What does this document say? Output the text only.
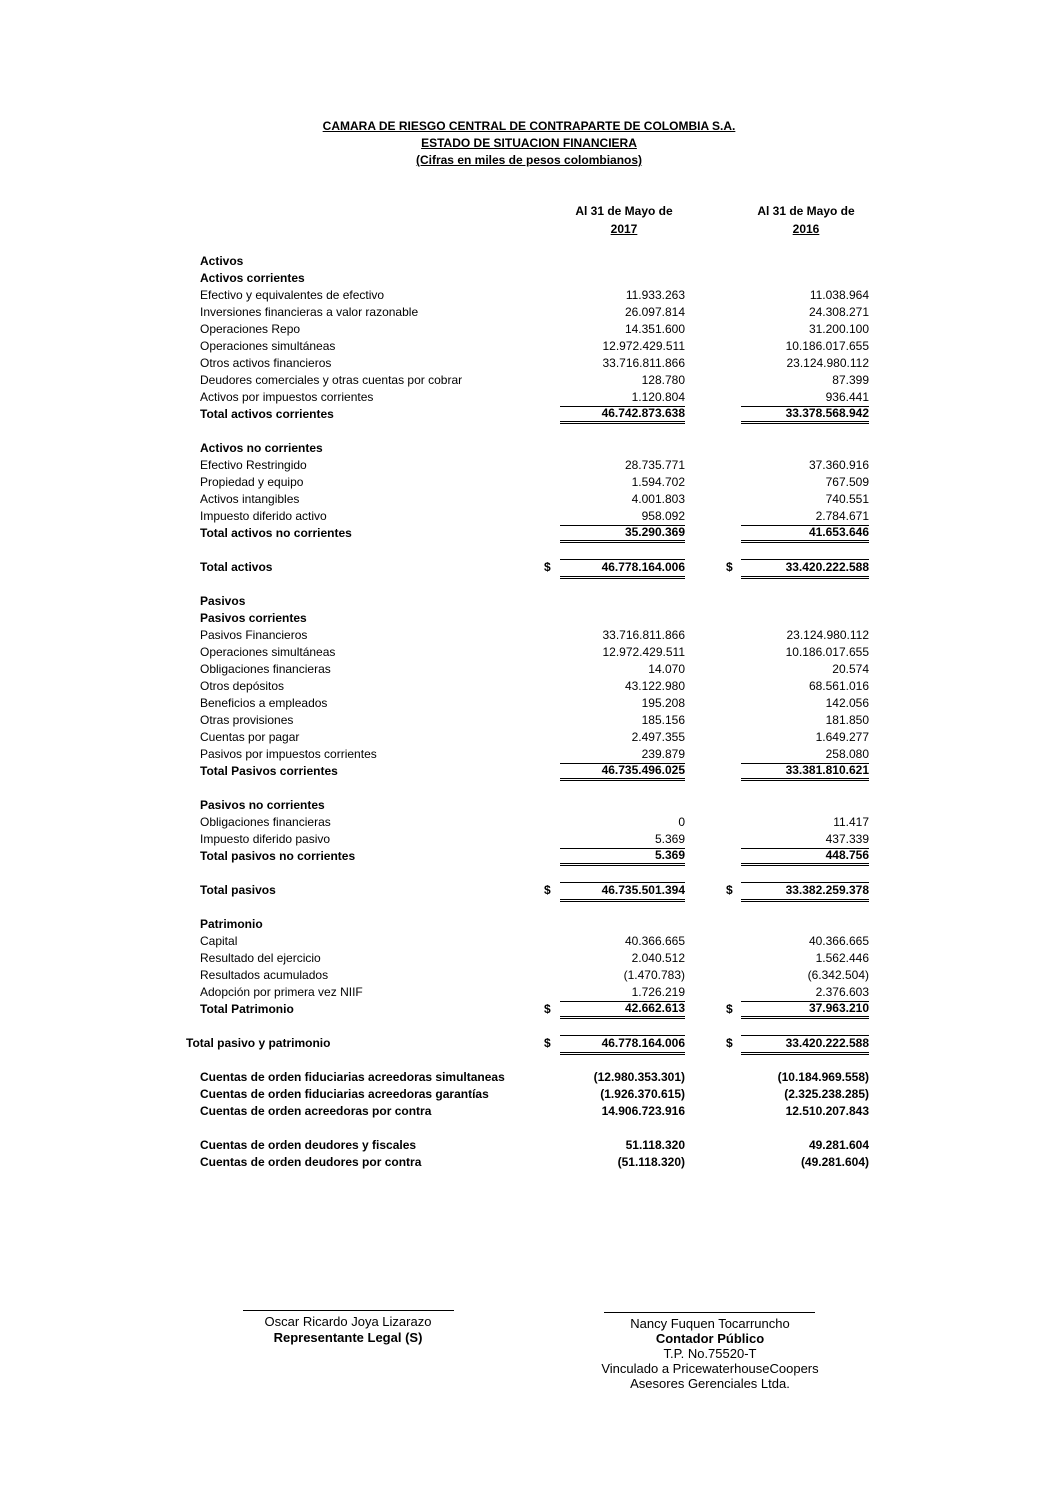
CAMARA DE RIESGO CENTRAL DE CONTRAPARTE DE COLOMBIA S.A.
ESTADO DE SITUACION FINANCIERA
(Cifras en miles de pesos colombianos)
Al 31 de Mayo de
2017
Al 31 de Mayo de
2016
Activos
Activos corrientes
Efectivo y equivalentes de efectivo	11.933.263	11.038.964
Inversiones financieras a valor razonable	26.097.814	24.308.271
Operaciones Repo	14.351.600	31.200.100
Operaciones simultáneas	12.972.429.511	10.186.017.655
Otros activos financieros	33.716.811.866	23.124.980.112
Deudores comerciales y otras cuentas por cobrar	128.780	87.399
Activos por impuestos corrientes	1.120.804	936.441
Total activos corrientes	46.742.873.638	33.378.568.942
Activos no corrientes
Efectivo Restringido	28.735.771	37.360.916
Propiedad y equipo	1.594.702	767.509
Activos intangibles	4.001.803	740.551
Impuesto diferido activo	958.092	2.784.671
Total activos no corrientes	35.290.369	41.653.646
Total activos	$	46.778.164.006	$	33.420.222.588
Pasivos
Pasivos corrientes
Pasivos Financieros	33.716.811.866	23.124.980.112
Operaciones simultáneas	12.972.429.511	10.186.017.655
Obligaciones financieras	14.070	20.574
Otros depósitos	43.122.980	68.561.016
Beneficios a empleados	195.208	142.056
Otras provisiones	185.156	181.850
Cuentas por pagar	2.497.355	1.649.277
Pasivos por impuestos corrientes	239.879	258.080
Total Pasivos corrientes	46.735.496.025	33.381.810.621
Pasivos no corrientes
Obligaciones financieras	0	11.417
Impuesto diferido pasivo	5.369	437.339
Total pasivos no corrientes	5.369	448.756
Total pasivos	$	46.735.501.394	$	33.382.259.378
Patrimonio
Capital	40.366.665	40.366.665
Resultado del ejercicio	2.040.512	1.562.446
Resultados acumulados	(1.470.783)	(6.342.504)
Adopción por primera vez NIIF	1.726.219	2.376.603
Total Patrimonio	$	42.662.613	$	37.963.210
Total pasivo y patrimonio	$	46.778.164.006	$	33.420.222.588
Cuentas de orden fiduciarias acreedoras simultaneas	(12.980.353.301)	(10.184.969.558)
Cuentas de orden fiduciarias acreedoras garantías	(1.926.370.615)	(2.325.238.285)
Cuentas de orden acreedoras por contra	14.906.723.916	12.510.207.843
Cuentas de orden deudores y fiscales	51.118.320	49.281.604
Cuentas de orden deudores por contra	(51.118.320)	(49.281.604)
Oscar Ricardo Joya Lizarazo
Representante Legal (S)
Nancy Fuquen Tocarruncho
Contador Público
T.P. No.75520-T
Vinculado a PricewaterhouseCoopers
Asesores Gerenciales Ltda.
